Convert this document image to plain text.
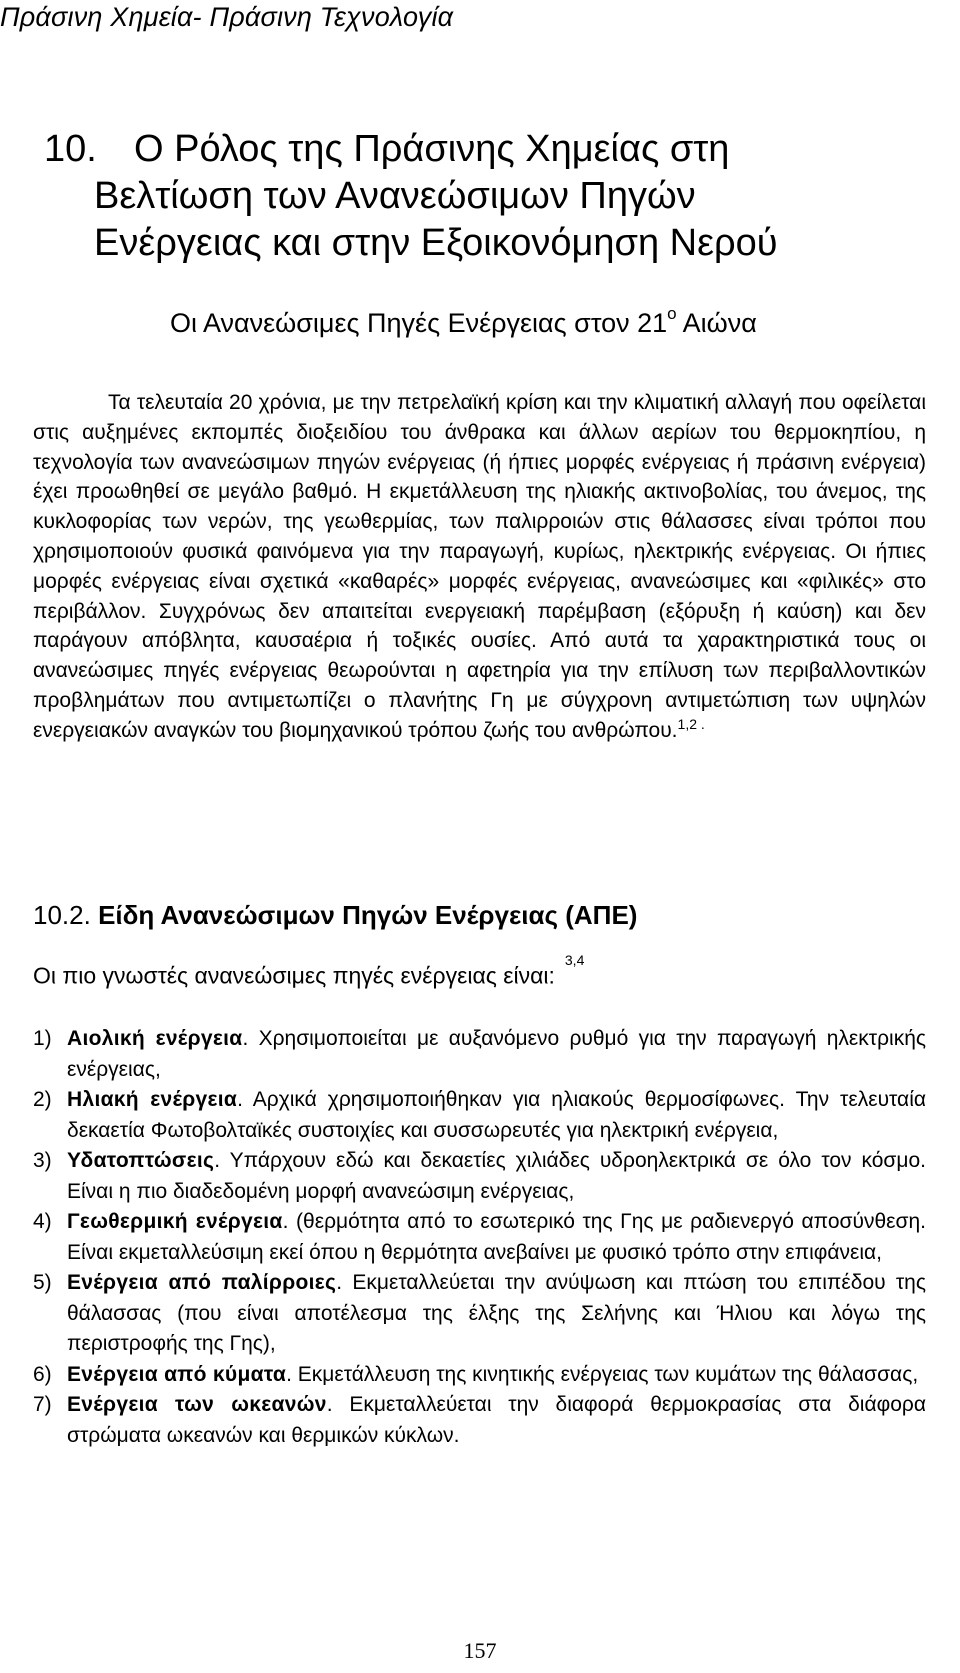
Πράσινη Χημεία- Πράσινη Τεχνολογία
10. Ο Ρόλος της Πράσινης Χημείας στη
Βελτίωση των Ανανεώσιμων Πηγών
Ενέργειας και στην Εξοικονόμηση Νερού
Οι Ανανεώσιμες Πηγές Ενέργειας στον $21^o$ Αιώνα
Τα τελευταία 20 χρόνια, με την πετρελαϊκή κρίση και την κλιματική αλλαγή που οφείλεται στις αυξημένες εκπομπές διοξειδίου του άνθρακα και άλλων αερίων του θερμοκηπίου, η τεχνολογία των ανανεώσιμων πηγών ενέργειας (ή ήπιες μορφές ενέργειας ή πράσινη ενέργεια) έχει προωθηθεί σε μεγάλο βαθμό. Η εκμετάλλευση της ηλιακής ακτινοβολίας, του άνεμος, της κυκλοφορίας των νερών, της γεωθερμίας, των παλιρροιών στις θάλασσες είναι τρόποι που χρησιμοποιούν φυσικά φαινόμενα για την παραγωγή, κυρίως, ηλεκτρικής ενέργειας. Οι ήπιες μορφές ενέργειας είναι σχετικά «καθαρές» μορφές ενέργειας, ανανεώσιμες και «φιλικές» στο περιβάλλον. Συγχρόνως δεν απαιτείται ενεργειακή παρέμβαση (εξόρυξη ή καύση) και δεν παράγουν απόβλητα, καυσαέρια ή τοξικές ουσίες. Από αυτά τα χαρακτηριστικά τους οι ανανεώσιμες πηγές ενέργειας θεωρούνται η αφετηρία για την επίλυση των περιβαλλοντικών προβλημάτων που αντιμετωπίζει ο πλανήτης Γη με σύγχρονη αντιμετώπιση των υψηλών ενεργειακών αναγκών του βιομηχανικού τρόπου ζωής του ανθρώπου.$^{1,2 .}$
10.2. Είδη Ανανεώσιμων Πηγών Ενέργειας (ΑΠΕ)
Οι πιο γνωστές ανανεώσιμες πηγές ενέργειας είναι:$^{3,4}$
1) Αιολική ενέργεια. Χρησιμοποιείται με αυξανόμενο ρυθμό για την παραγωγή ηλεκτρικής ενέργειας,
2) Ηλιακή ενέργεια. Αρχικά χρησιμοποιήθηκαν για ηλιακούς θερμοσίφωνες. Την τελευταία δεκαετία Φωτοβολταϊκές συστοιχίες και συσσωρευτές για ηλεκτρική ενέργεια,
3) Υδατοπτώσεις. Υπάρχουν εδώ και δεκαετίες χιλιάδες υδροηλεκτρικά σε όλο τον κόσμο. Είναι η πιο διαδεδομένη μορφή ανανεώσιμη ενέργειας,
4) Γεωθερμική ενέργεια. (θερμότητα από το εσωτερικό της Γης με ραδιενεργό αποσύνθεση. Είναι εκμεταλλεύσιμη εκεί όπου η θερμότητα ανεβαίνει με φυσικό τρόπο στην επιφάνεια,
5) Ενέργεια από παλίρροιες. Εκμεταλλεύεται την ανύψωση και πτώση του επιπέδου της θάλασσας (που είναι αποτέλεσμα της έλξης της Σελήνης και Ήλιου και λόγω της περιστροφής της Γης),
6) Ενέργεια από κύματα. Εκμετάλλευση της κινητικής ενέργειας των κυμάτων της θάλασσας,
7) Ενέργεια των ωκεανών. Εκμεταλλεύεται την διαφορά θερμοκρασίας στα διάφορα στρώματα ωκεανών και θερμικών κύκλων.
157
